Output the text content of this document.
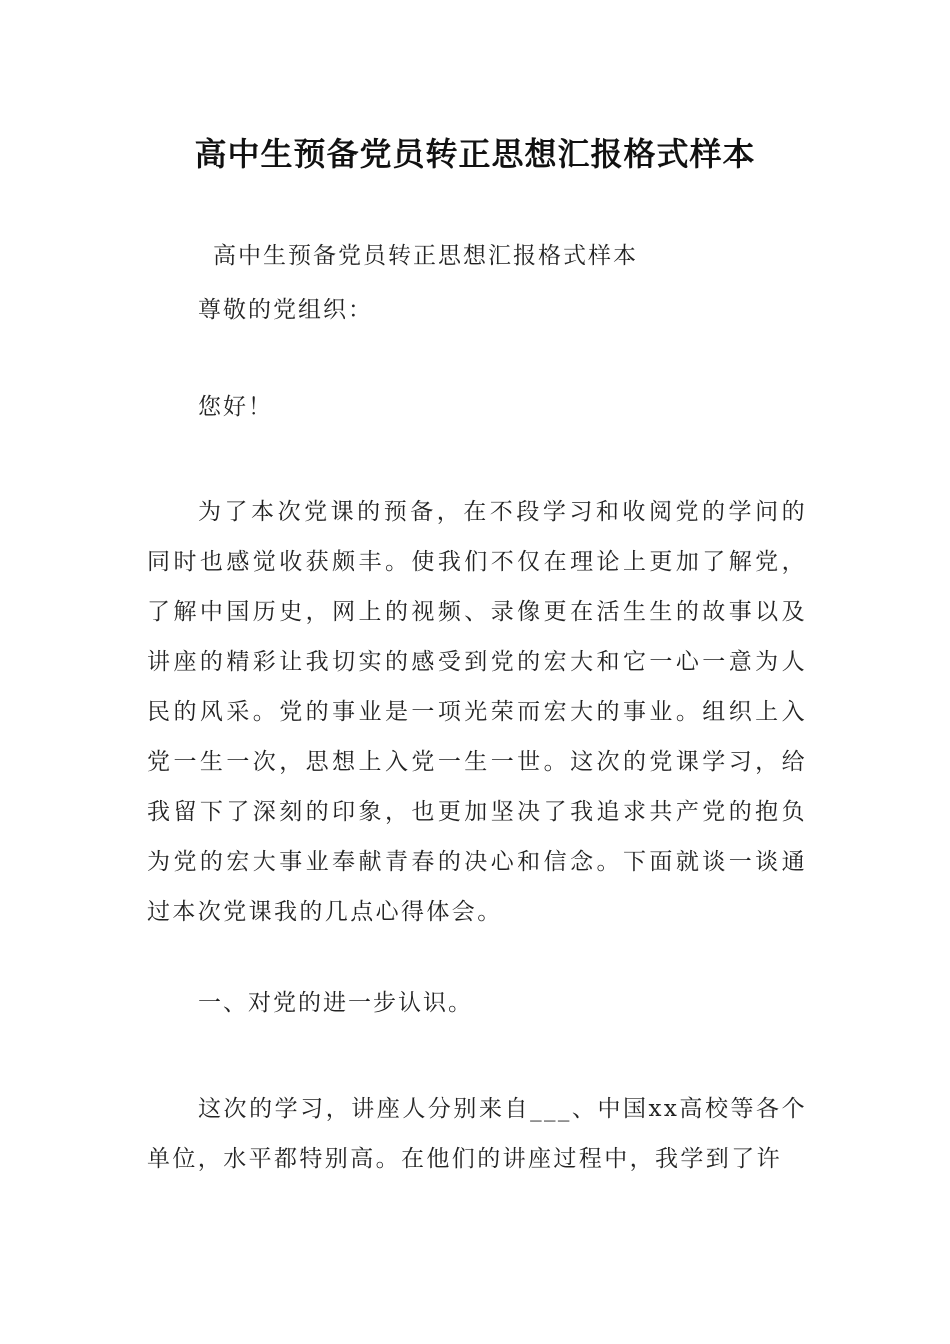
高中生预备党员转正思想汇报格式样本
高中生预备党员转正思想汇报格式样本
尊敬的党组织：
您好！
为了本次党课的预备，在不段学习和收阅党的学问的同时也感觉收获颇丰。使我们不仅在理论上更加了解党，了解中国历史，网上的视频、录像更在活生生的故事以及讲座的精彩让我切实的感受到党的宏大和它一心一意为人民的风采。党的事业是一项光荣而宏大的事业。组织上入党一生一次，思想上入党一生一世。这次的党课学习，给我留下了深刻的印象，也更加坚决了我追求共产党的抱负为党的宏大事业奉献青春的决心和信念。下面就谈一谈通过本次党课我的几点心得体会。
一、对党的进一步认识。
这次的学习，讲座人分别来自___、中国xx高校等各个单位，水平都特别高。在他们的讲座过程中，我学到了许
